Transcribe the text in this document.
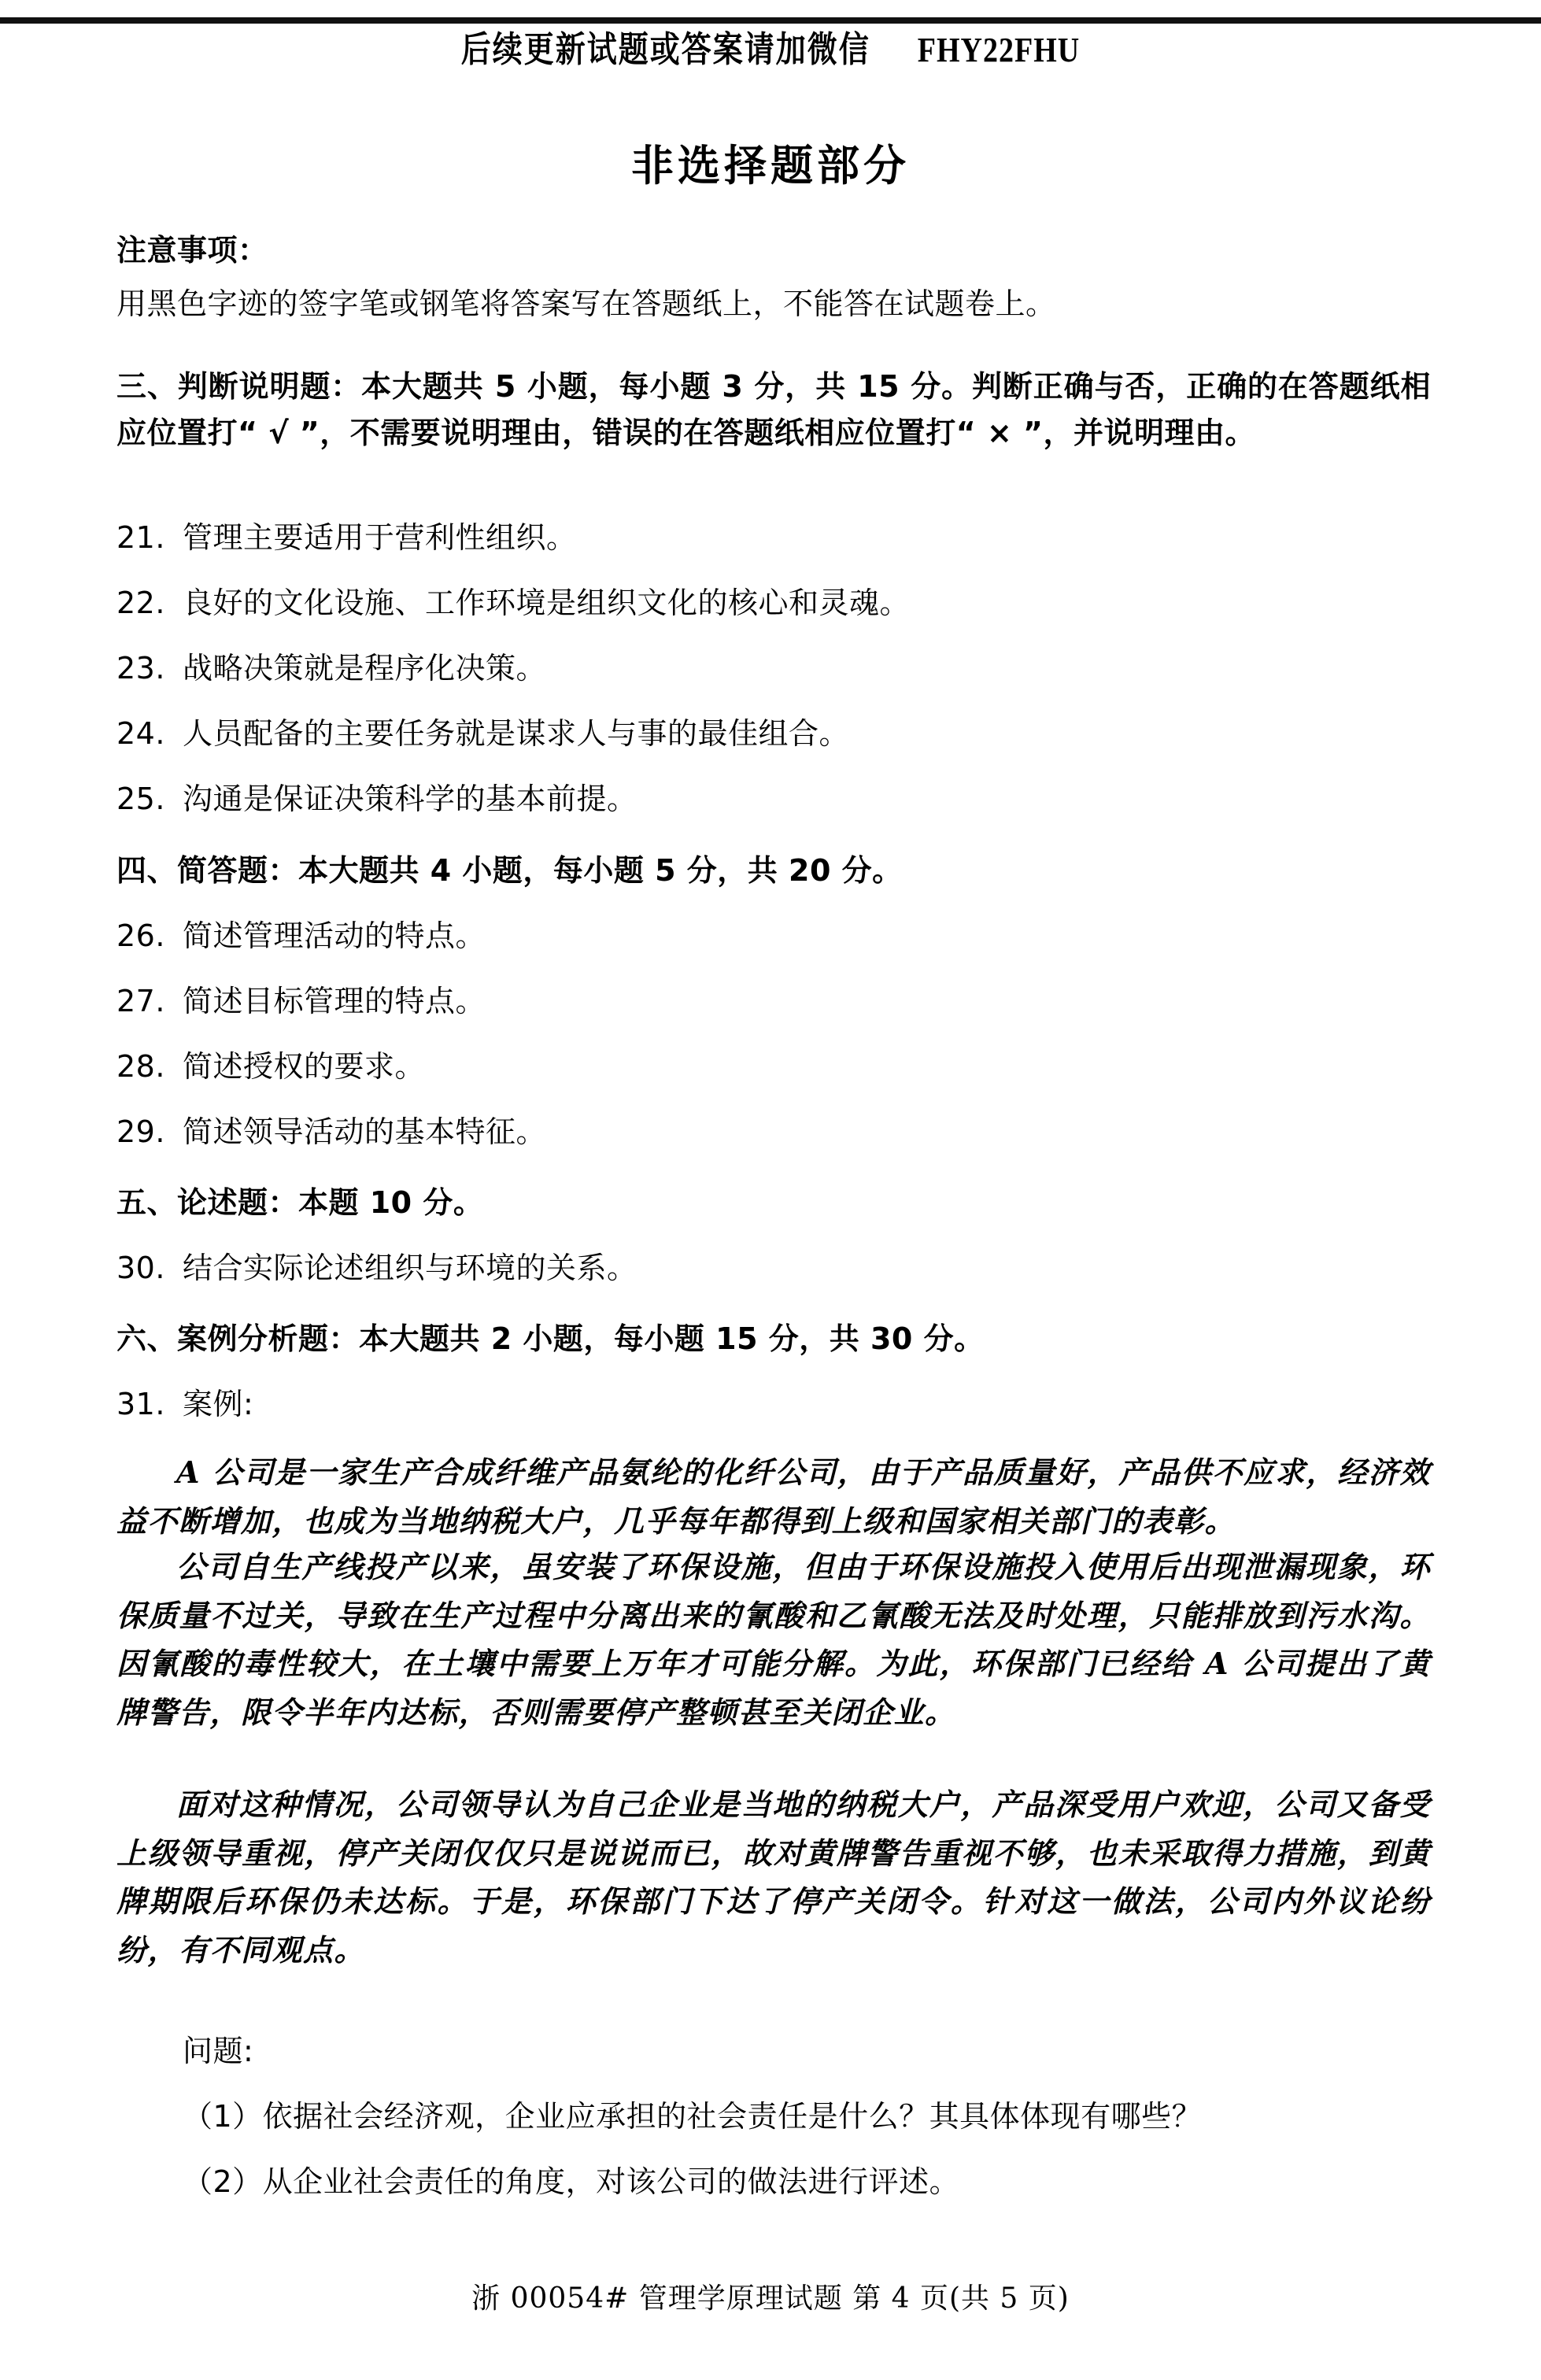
后续更新试题或答案请加微信 FHY22FHU
非选择题部分
注意事项：
用黑色字迹的签字笔或钢笔将答案写在答题纸上，不能答在试题卷上。
三、判断说明题：本大题共 5 小题，每小题 3 分，共 15 分。判断正确与否，正确的在答题纸相应位置打“ √ ”，不需要说明理由，错误的在答题纸相应位置打“ × ”，并说明理由。
21. 管理主要适用于营利性组织。
22. 良好的文化设施、工作环境是组织文化的核心和灵魂。
23. 战略决策就是程序化决策。
24. 人员配备的主要任务就是谋求人与事的最佳组合。
25. 沟通是保证决策科学的基本前提。
四、简答题：本大题共 4 小题，每小题 5 分，共 20 分。
26. 简述管理活动的特点。
27. 简述目标管理的特点。
28. 简述授权的要求。
29. 简述领导活动的基本特征。
五、论述题：本题 10 分。
30. 结合实际论述组织与环境的关系。
六、案例分析题：本大题共 2 小题，每小题 15 分，共 30 分。
31. 案例:
A 公司是一家生产合成纤维产品氨纶的化纤公司，由于产品质量好，产品供不应求，经济效益不断增加，也成为当地纳税大户，几乎每年都得到上级和国家相关部门的表彰。
公司自生产线投产以来，虽安装了环保设施，但由于环保设施投入使用后出现泄漏现象，环保质量不过关，导致在生产过程中分离出来的氰酸和乙氰酸无法及时处理，只能排放到污水沟。因氰酸的毒性较大，在土壤中需要上万年才可能分解。为此，环保部门已经给 A 公司提出了黄牌警告，限令半年内达标，否则需要停产整顿甚至关闭企业。
面对这种情况，公司领导认为自己企业是当地的纳税大户，产品深受用户欢迎，公司又备受上级领导重视，停产关闭仅仅只是说说而已，故对黄牌警告重视不够，也未采取得力措施，到黄牌期限后环保仍未达标。于是，环保部门下达了停产关闭令。针对这一做法，公司内外议论纷纷，有不同观点。
问题:
（1）依据社会经济观，企业应承担的社会责任是什么？其具体体现有哪些？
（2）从企业社会责任的角度，对该公司的做法进行评述。
浙 00054# 管理学原理试题 第 4 页(共 5 页)
